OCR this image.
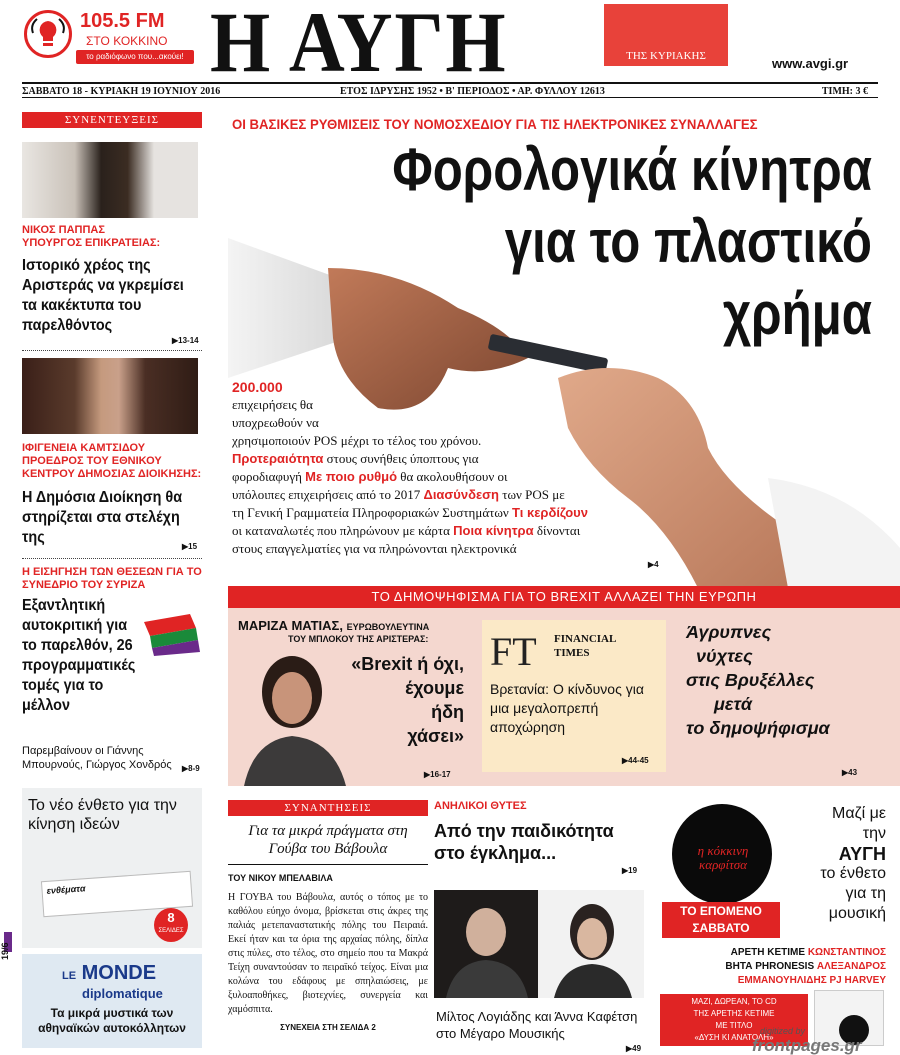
105.5 FM
ΣΤΟ ΚΟΚΚΙΝΟ
το ραδιόφωνο που...ακούει! Η ΑΥΓΗ	ΤΗΣ ΚΥΡΙΑΚΗΣ	www.avgi.gr
ΣΑΒΒΑΤΟ 18 - ΚΥΡΙΑΚΗ 19 ΙΟΥΝΙΟΥ 2016	ΕΤΟΣ ΙΔΡΥΣΗΣ 1952 • Β' ΠΕΡΙΟΔΟΣ • ΑΡ. ΦΥΛΛΟΥ 12613	ΤΙΜΗ: 3 €
ΣΥΝΕΝΤΕΥΞΕΙΣ
ΝΙΚΟΣ ΠΑΠΠΑΣ
ΥΠΟΥΡΓΟΣ ΕΠΙΚΡΑΤΕΙΑΣ:
Ιστορικό χρέος της Αριστεράς να γκρεμίσει τα κακέκτυπα του παρελθόντος
▶13-14
ΙΦΙΓΕΝΕΙΑ ΚΑΜΤΣΙΔΟΥ
ΠΡΟΕΔΡΟΣ ΤΟΥ ΕΘΝΙΚΟΥ ΚΕΝΤΡΟΥ ΔΗΜΟΣΙΑΣ ΔΙΟΙΚΗΣΗΣ:
Η Δημόσια Διοίκηση θα στηρίζεται στα στελέχη της
▶15
Η ΕΙΣΗΓΗΣΗ ΤΩΝ ΘΕΣΕΩΝ ΓΙΑ ΤΟ ΣΥΝΕΔΡΙΟ ΤΟΥ ΣΥΡΙΖΑ
Εξαντλητική αυτοκριτική για το παρελθόν, 26 προγραμματικές τομές για το μέλλον
Παρεμβαίνουν οι Γιάννης Μπουρνούς, Γιώργος Χονδρός	▶8-9
Το νέο ένθετο για την κίνηση ιδεών
ενθέματα
8
ΣΕΛΙΔΕΣ
LE MONDE
diplomatique
Τα μικρά μυστικά των αθηναϊκών αυτοκόλλητων
19/6
ΟΙ ΒΑΣΙΚΕΣ ΡΥΘΜΙΣΕΙΣ ΤΟΥ ΝΟΜΟΣΧΕΔΙΟΥ ΓΙΑ ΤΙΣ ΗΛΕΚΤΡΟΝΙΚΕΣ ΣΥΝΑΛΛΑΓΕΣ
Φορολογικά κίνητρα
για το πλαστικό
χρήμα
200.000
επιχειρήσεις θα
υποχρεωθούν να
χρησιμοποιούν POS μέχρι το τέλος του χρόνου.
Προτεραιότητα στους συνήθεις ύποπτους για
φοροδιαφυγή Με ποιο ρυθμό θα ακολουθήσουν οι
υπόλοιπες επιχειρήσεις από το 2017 Διασύνδεση των POS με
τη Γενική Γραμματεία Πληροφοριακών Συστημάτων Τι κερδίζουν
οι καταναλωτές που πληρώνουν με κάρτα Ποια κίνητρα δίνονται
στους επαγγελματίες για να πληρώνονται ηλεκτρονικά
▶4
ΤΟ ΔΗΜΟΨΗΦΙΣΜΑ ΓΙΑ ΤΟ BREXIT ΑΛΛΑΖΕΙ ΤΗΝ ΕΥΡΩΠΗ
ΜΑΡΙΖΑ ΜΑΤΙΑΣ, ΕΥΡΩΒΟΥΛΕΥΤΙΝΑ
ΤΟΥ ΜΠΛΟΚΟΥ ΤΗΣ ΑΡΙΣΤΕΡΑΣ:
«Brexit ή όχι,
έχουμε
ήδη
χάσει»
▶16-17
FT FINANCIAL
TIMES
Βρετανία: Ο κίνδυνος για μια μεγαλοπρεπή αποχώρηση
▶44-45
Άγρυπνες
νύχτες
στις Βρυξέλλες
μετά
το δημοψήφισμα
▶43
ΣΥΝΑΝΤΗΣΕΙΣ
Για τα μικρά πράγματα στη Γούβα του Βάβουλα
ΤΟΥ ΝΙΚΟΥ ΜΠΕΛΑΒΙΛΑ
Η ΓΟΥΒΑ του Βάβουλα, αυτός ο τόπος με το καθόλου εύηχο όνομα, βρίσκεται στις άκρες της παλιάς μετεπαναστατικής πόλης του Πειραιά. Εκεί ήταν και τα όρια της αρχαίας πόλης, δίπλα στις πύλες, στο τέλος, στο σημείο που τα Μακρά Τείχη συναντούσαν το πειραϊκό τείχος. Είναι μια κολώνα του εδάφους με σπηλαιώσεις, με ξυλοαποθήκες, βιοτεχνίες, συνεργεία και χαμόσπιτα.
ΣΥΝΕΧΕΙΑ ΣΤΗ ΣΕΛΙΔΑ 2
ΑΝΗΛΙΚΟΙ ΘΥΤΕΣ
Από την παιδικότητα στο έγκλημα...
▶19
Μίλτος Λογιάδης και Άννα Καφέτση στο Μέγαρο Μουσικής
▶49
η κόκκινη καρφίτσα
Μαζί με
την
ΑΥΓΗ
το ένθετο
για τη
μουσική
ΤΟ ΕΠΟΜΕΝΟ
ΣΑΒΒΑΤΟ
ΑΡΕΤΗ ΚΕΤΙΜΕ ΚΩΝΣΤΑΝΤΙΝΟΣ
ΒΗΤΑ PHRONESIS ΑΛΕΞΑΝΔΡΟΣ
ΕΜΜΑΝΟΥΗΛΙΔΗΣ PJ HARVEY
ΜΑΖΙ, ΔΩΡΕΑΝ, ΤΟ CD
ΤΗΣ ΑΡΕΤΗΣ ΚΕΤΙΜΕ
ΜΕ ΤΙΤΛΟ
«ΔΥΣΗ ΚΙ ΑΝΑΤΟΛΗ»
digitized by
frontpages.gr
